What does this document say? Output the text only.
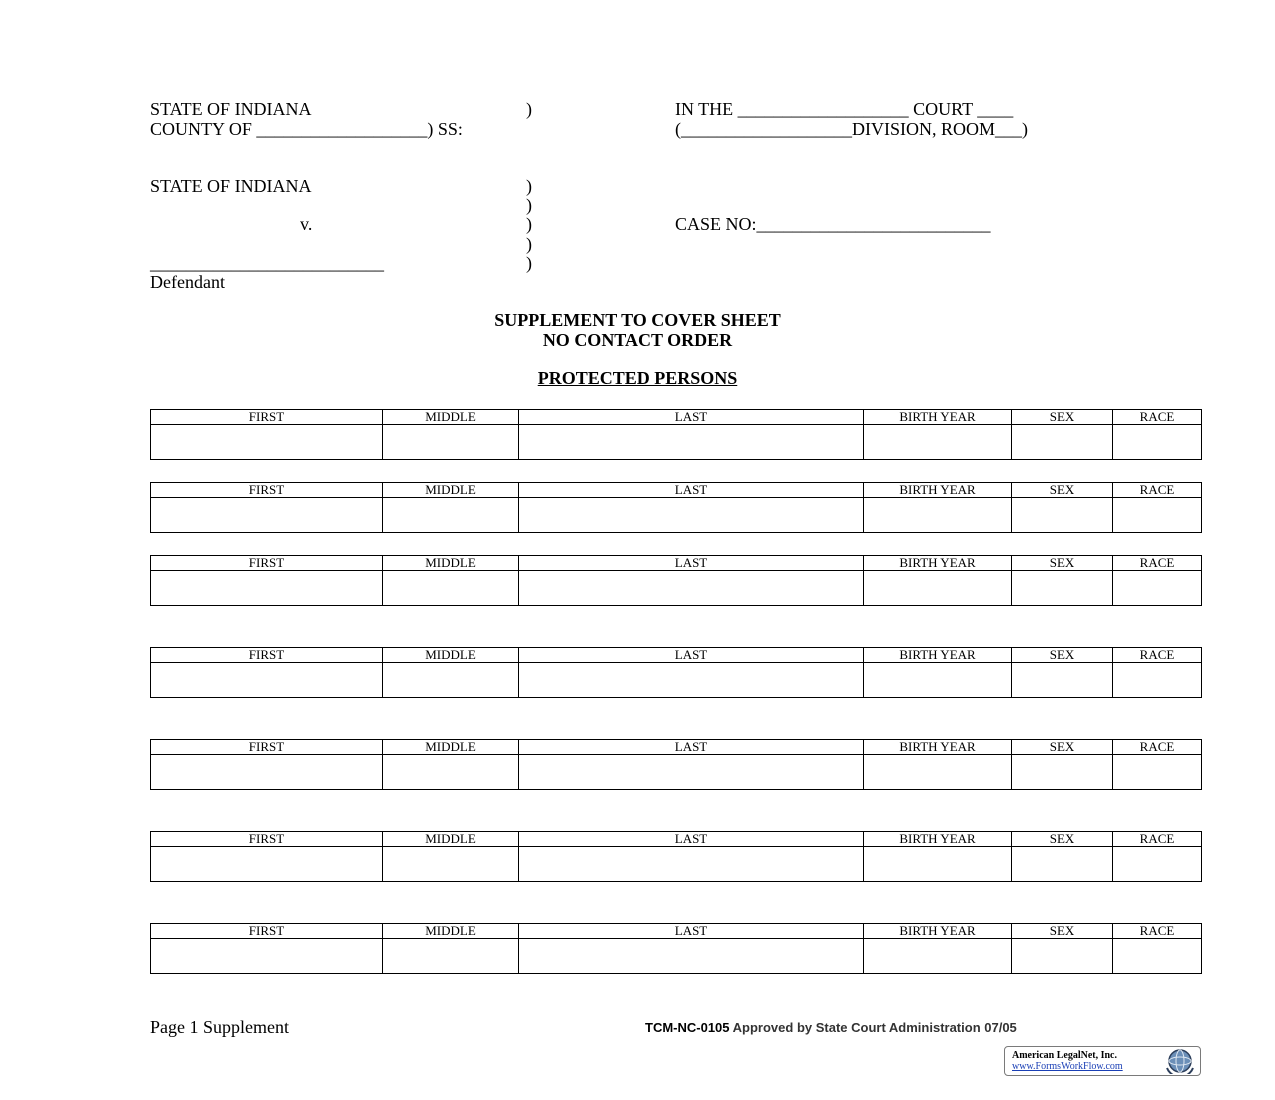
STATE OF INDIANA	)	IN THE ___________________ COURT ____
COUNTY OF ___________________) SS:	(___________________DIVISION, ROOM___)
STATE OF INDIANA	)
)
v.	)	CASE NO:__________________________
)
__________________________	)
Defendant
SUPPLEMENT TO COVER SHEET
NO CONTACT ORDER
PROTECTED PERSONS
FIRST	MIDDLE	LAST	BIRTH YEAR	SEX	RACE

FIRST	MIDDLE	LAST	BIRTH YEAR	SEX	RACE

FIRST	MIDDLE	LAST	BIRTH YEAR	SEX	RACE

FIRST	MIDDLE	LAST	BIRTH YEAR	SEX	RACE

FIRST	MIDDLE	LAST	BIRTH YEAR	SEX	RACE

FIRST	MIDDLE	LAST	BIRTH YEAR	SEX	RACE

FIRST	MIDDLE	LAST	BIRTH YEAR	SEX	RACE

Page 1 Supplement	TCM-NC-0105 Approved by State Court Administration 07/05
American LegalNet, Inc.
www.FormsWorkFlow.com
